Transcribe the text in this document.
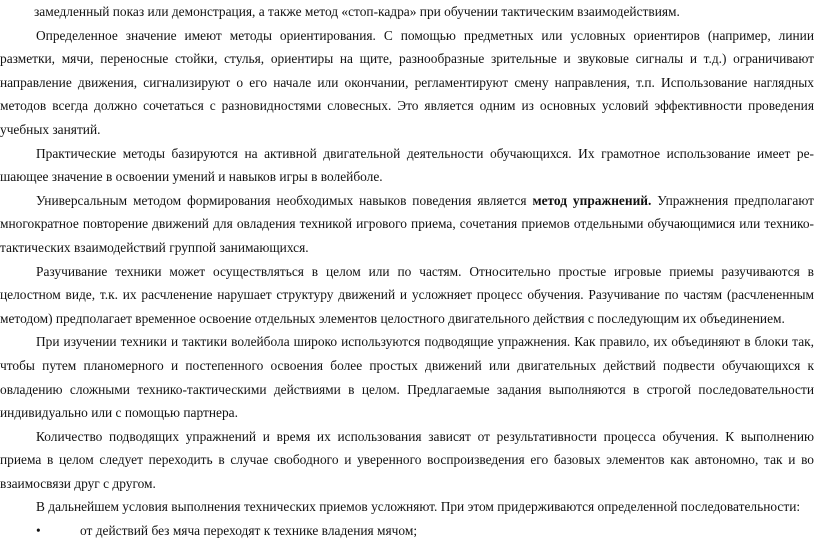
замедленный показ или демонстрация, а также метод «стоп-кадра» при обучении тактическим взаимодействиям.

Определенное значение имеют методы ориентирования. С помощью предметных или условных ориентиров (например, линии разметки, мячи, переносные стойки, стулья, ориентиры на щите, разнообразные зрительные и звуковые сигналы и т.д.) ограничивают направление движения, сигнализируют о его начале или окончании, регламентируют смену направления, т.п. Использование наглядных методов всегда должно сочетаться с разновидностями словесных. Это является одним из основных условий эффективности проведения учебных занятий.

Практические методы базируются на активной двигательной деятельности обучающихся. Их грамотное использование имеет ре-шающее значение в освоении умений и навыков игры в волейболе.

Универсальным методом формирования необходимых навыков поведения является метод упражнений. Упражнения предполагают многократное повторение движений для овладения техникой игрового приема, сочетания приемов отдельными обучающимися или технико-тактических взаимодействий группой занимающихся.

Разучивание техники может осуществляться в целом или по частям. Относительно простые игровые приемы разучиваются в целостном виде, т.к. их расчленение нарушает структуру движений и усложняет процесс обучения. Разучивание по частям (расчлененным методом) предполагает временное освоение отдельных элементов целостного двигательного действия с последующим их объединением.

При изучении техники и тактики волейбола широко используются подводящие упражнения. Как правило, их объединяют в блоки так, чтобы путем планомерного и постепенного освоения более простых движений или двигательных действий подвести обучающихся к овладению сложными технико-тактическими действиями в целом. Предлагаемые задания выполняются в строгой последовательности индивидуально или с помощью партнера.

Количество подводящих упражнений и время их использования зависят от результативности процесса обучения. К выполнению приема в целом следует переходить в случае свободного и уверенного воспроизведения его базовых элементов как автономно, так и во взаимосвязи друг с другом.

В дальнейшем условия выполнения технических приемов усложняют. При этом придерживаются определенной последовательности:

•	от действий без мяча переходят к технике владения мячом;
